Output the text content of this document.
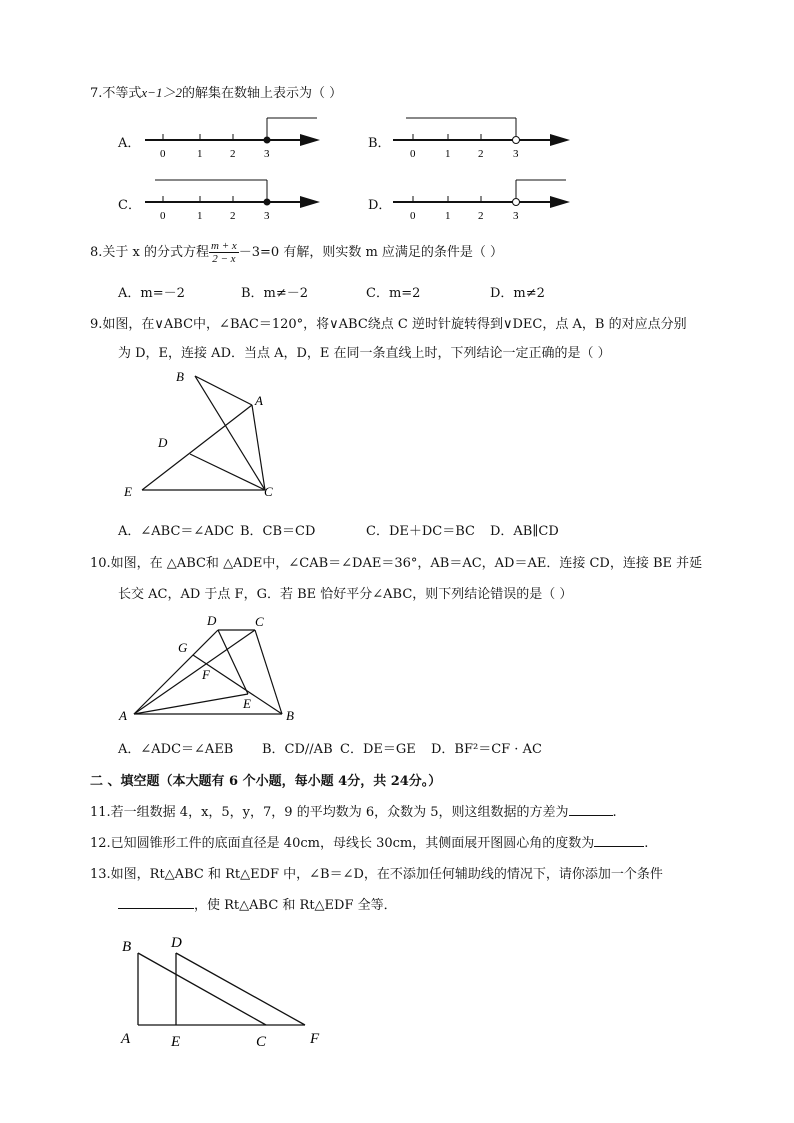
7.不等式x−1＞2的解集在数轴上表示为（ ）
A．
0	1	2	3
B．
0	1	2	3
C．
0	1	2	3
D．
0	1	2	3
8.关于 x 的分式方程 $\frac{m + x}{2 - x} -3=0$ 有解，则实数 m 应满足的条件是（ ）
A．m=－2	B．m≠－2	C．m=2	D．m≠2
9.如图，在∨ABC中，∠BAC＝120°，将∨ABC绕点 C 逆时针旋转得到∨DEC，点 A，B 的对应点分别
为 D，E，连接 AD．当点 A，D，E 在同一条直线上时，下列结论一定正确的是（ ）
B
A
D
E	C
A．∠ABC＝∠ADC B．CB＝CD	C．DE＋DC＝BC D．AB∥CD
10.如图，在 △ABC和 △ADE中，∠CAB＝∠DAE＝36°，AB＝AC，AD＝AE．连接 CD，连接 BE 并延
长交 AC，AD 于点 F，G．若 BE 恰好平分∠ABC，则下列结论错误的是（ ）
D	C
G
F
E
A	B
A．∠ADC＝∠AEB B．CD//AB C．DE＝GE D．BF²＝CF · AC
二 、填空题（本大题有 6 个小题，每小题 4分，共 24分。）
11.若一组数据 4，x，5，y，7，9 的平均数为 6，众数为 5，则这组数据的方差为	.
12.已知圆锥形工件的底面直径是 40cm，母线长 30cm，其侧面展开图圆心角的度数为	.
13.如图，Rt△ABC 和 Rt△EDF 中，∠B＝∠D，在不添加任何辅助线的情况下，请你添加一个条件
，使 Rt△ABC 和 Rt△EDF 全等．
B	D
A	E	C	F
